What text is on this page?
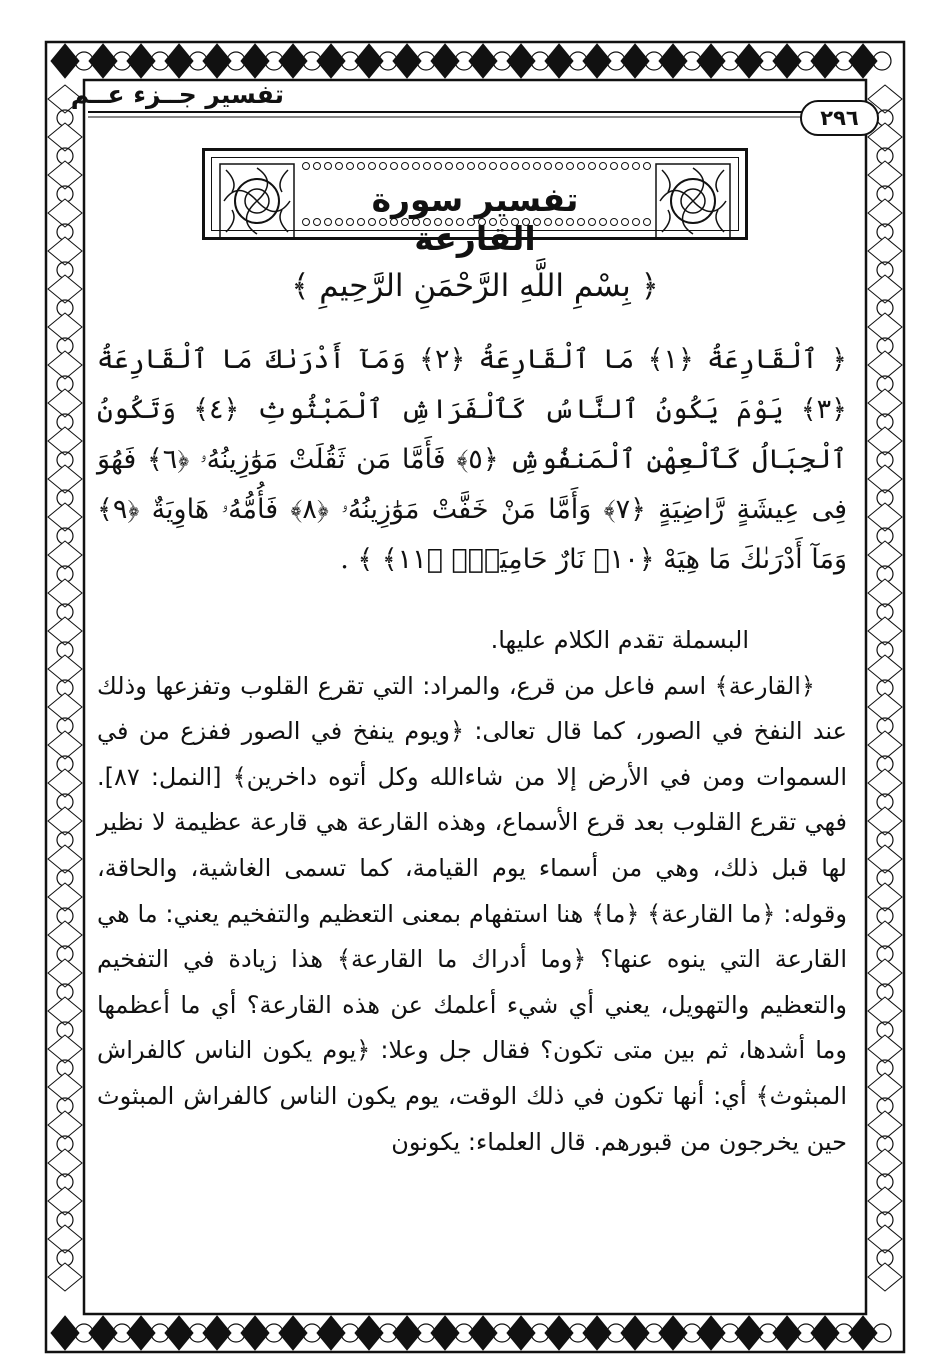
تفسير جــزء عــم
٢٩٦
تفسير سورة القارعة
﴿ بِسْمِ اللَّهِ الرَّحْمَنِ الرَّحِيمِ ﴾
﴿ ٱلْقَارِعَةُ ﴿١﴾ مَا ٱلْقَارِعَةُ ﴿٢﴾ وَمَآ أَدْرَىٰكَ مَا ٱلْقَارِعَةُ ﴿٣﴾ يَوْمَ يَكُونُ ٱلنَّاسُ كَٱلْفَرَاشِ ٱلْمَبْثُوثِ ﴿٤﴾ وَتَكُونُ ٱلْجِبَالُ كَٱلْعِهْنِ ٱلْمَنفُوشِ ﴿٥﴾ فَأَمَّا مَن ثَقُلَتْ مَوَٰزِينُهُۥ ﴿٦﴾ فَهُوَ فِى عِيشَةٍ رَّاضِيَةٍ ﴿٧﴾ وَأَمَّا مَنْ خَفَّتْ مَوَٰزِينُهُۥ ﴿٨﴾ فَأُمُّهُۥ هَاوِيَةٌ ﴿٩﴾ وَمَآ أَدْرَىٰكَ مَا هِيَهْ ﴿١٠﴾ نَارٌ حَامِيَةٌۢ ﴿١١﴾ ﴾ .

البسملة تقدم الكلام عليها.

﴿القارعة﴾ اسم فاعل من قرع، والمراد: التي تقرع القلوب وتفزعها وذلك عند النفخ في الصور، كما قال تعالى: ﴿ويوم ينفخ في الصور ففزع من في السموات ومن في الأرض إلا من شاءالله وكل أتوه داخرين﴾ [النمل: ٨٧]. فهي تقرع القلوب بعد قرع الأسماع، وهذه القارعة هي قارعة عظيمة لا نظير لها قبل ذلك، وهي من أسماء يوم القيامة، كما تسمى الغاشية، والحاقة، وقوله: ﴿ما القارعة﴾ ﴿ما﴾ هنا استفهام بمعنى التعظيم والتفخيم يعني: ما هي القارعة التي ينوه عنها؟ ﴿وما أدراك ما القارعة﴾ هذا زيادة في التفخيم والتعظيم والتهويل، يعني أي شيء أعلمك عن هذه القارعة؟ أي ما أعظمها وما أشدها، ثم بين متى تكون؟ فقال جل وعلا: ﴿يوم يكون الناس كالفراش المبثوث﴾ أي: أنها تكون في ذلك الوقت، يوم يكون الناس كالفراش المبثوث حين يخرجون من قبورهم. قال العلماء: يكونون
